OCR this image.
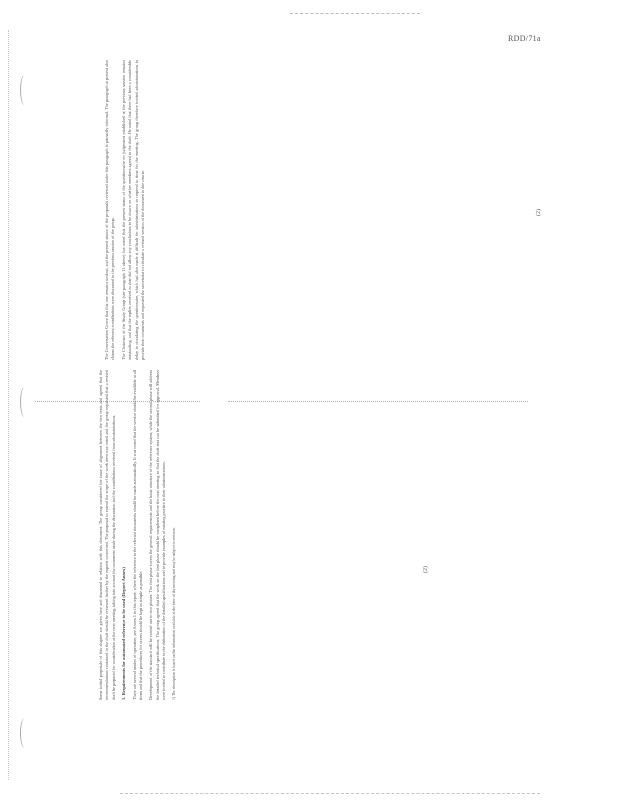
RDD/71a

The Conversation Grove that this one remains unclear, and the present stance of the proposals reviewed under this paragraph is primarily informal. The paragraph at present also claims the relevant contributions were discussed in the previous session of the group.	The Chairman of the Study Group (see paragraph 11 above) has noted that the present status of the questionnaire on judgement established at the previous session remains outstanding, and that the replies received to date did not allow any conclusions to be drawn on whether members agreed to the draft. He noted that there had been a considerable delay in circulating the questionnaire, which had also made it difficult for administrations to respond in time for the meeting. The group therefore invited administrations to provide their comments and requested the secretariat to circulate a revised version of the document in due course.	(2)

Some initial proposals of this chapter are given here and discussed in relation with this document. The group considered the issue of alignment between the two texts and agreed that the recommendations contained in the draft should be reviewed further by the experts concerned. The proposal to extend the scope of the work item was noted and the group requested that a revised draft be prepared for consideration at the next meeting, taking into account the comments made during the discussion and the contributions received from administrations.	1. Requirements for automated reference to be used (Report Annex)	There are several modes of operation, see Annex 1 to this report, where the reference to the relevant documents should be made automatically. It was noted that the service should be available at all times and that the procedures for access should be kept as simple as possible.	Development of the standard will be carried out in two phases. The first phase covers the general requirements and the basic structure of the reference system, while the second phase will address the detailed technical specifications. The group agreed that the work on the first phase should be completed before the next meeting so that the draft text can be submitted for approval. Members were invited to contribute to the elaboration of the detailed specifications and to provide examples of existing practice in their administrations.	1) The description is based on the information available at the time of the meeting and may be subject to revision.	(2)
